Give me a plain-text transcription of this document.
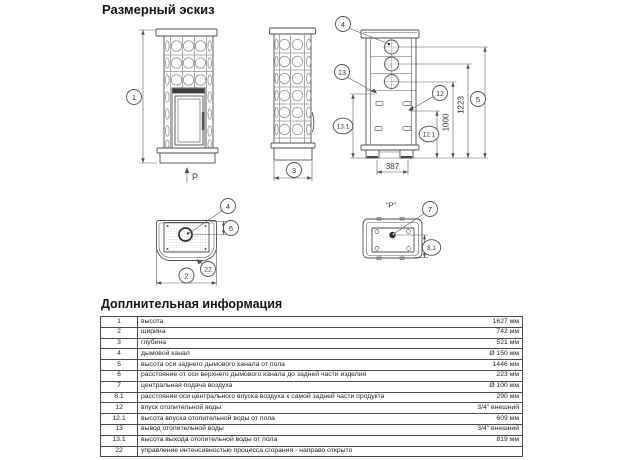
Размерный эскиз
P
1000
1223
387
"P"
1
3
4
13
12
5
13.1
12.1
4
6
22
2
7
8.1
Доплнительная информация
1	высота	1627 мм
2	ширина	742 мм
3	глубина	521 мм
4	дымовой канал	Ø 150 мм
5	высота оси заднего дымового канала от пола	1446 мм
6	расстояние от оси верхнего дымового канала до задней части изделия	223 мм
7	центральная подача воздуха	Ø 100 мм
8.1	расстояние оси центрального впуска воздуха к самой задней части продукта	290 мм
12	впуск отопительной воды	3/4" внешний
12.1	высота впуска отопительной воды от пола	609 мм
13	вывод отопительной воды	3/4" внешний
13.1	высота выхода отопительной воды от пола	819 мм
22	управление интенсивностью процесса сгорания - направо открыто	
